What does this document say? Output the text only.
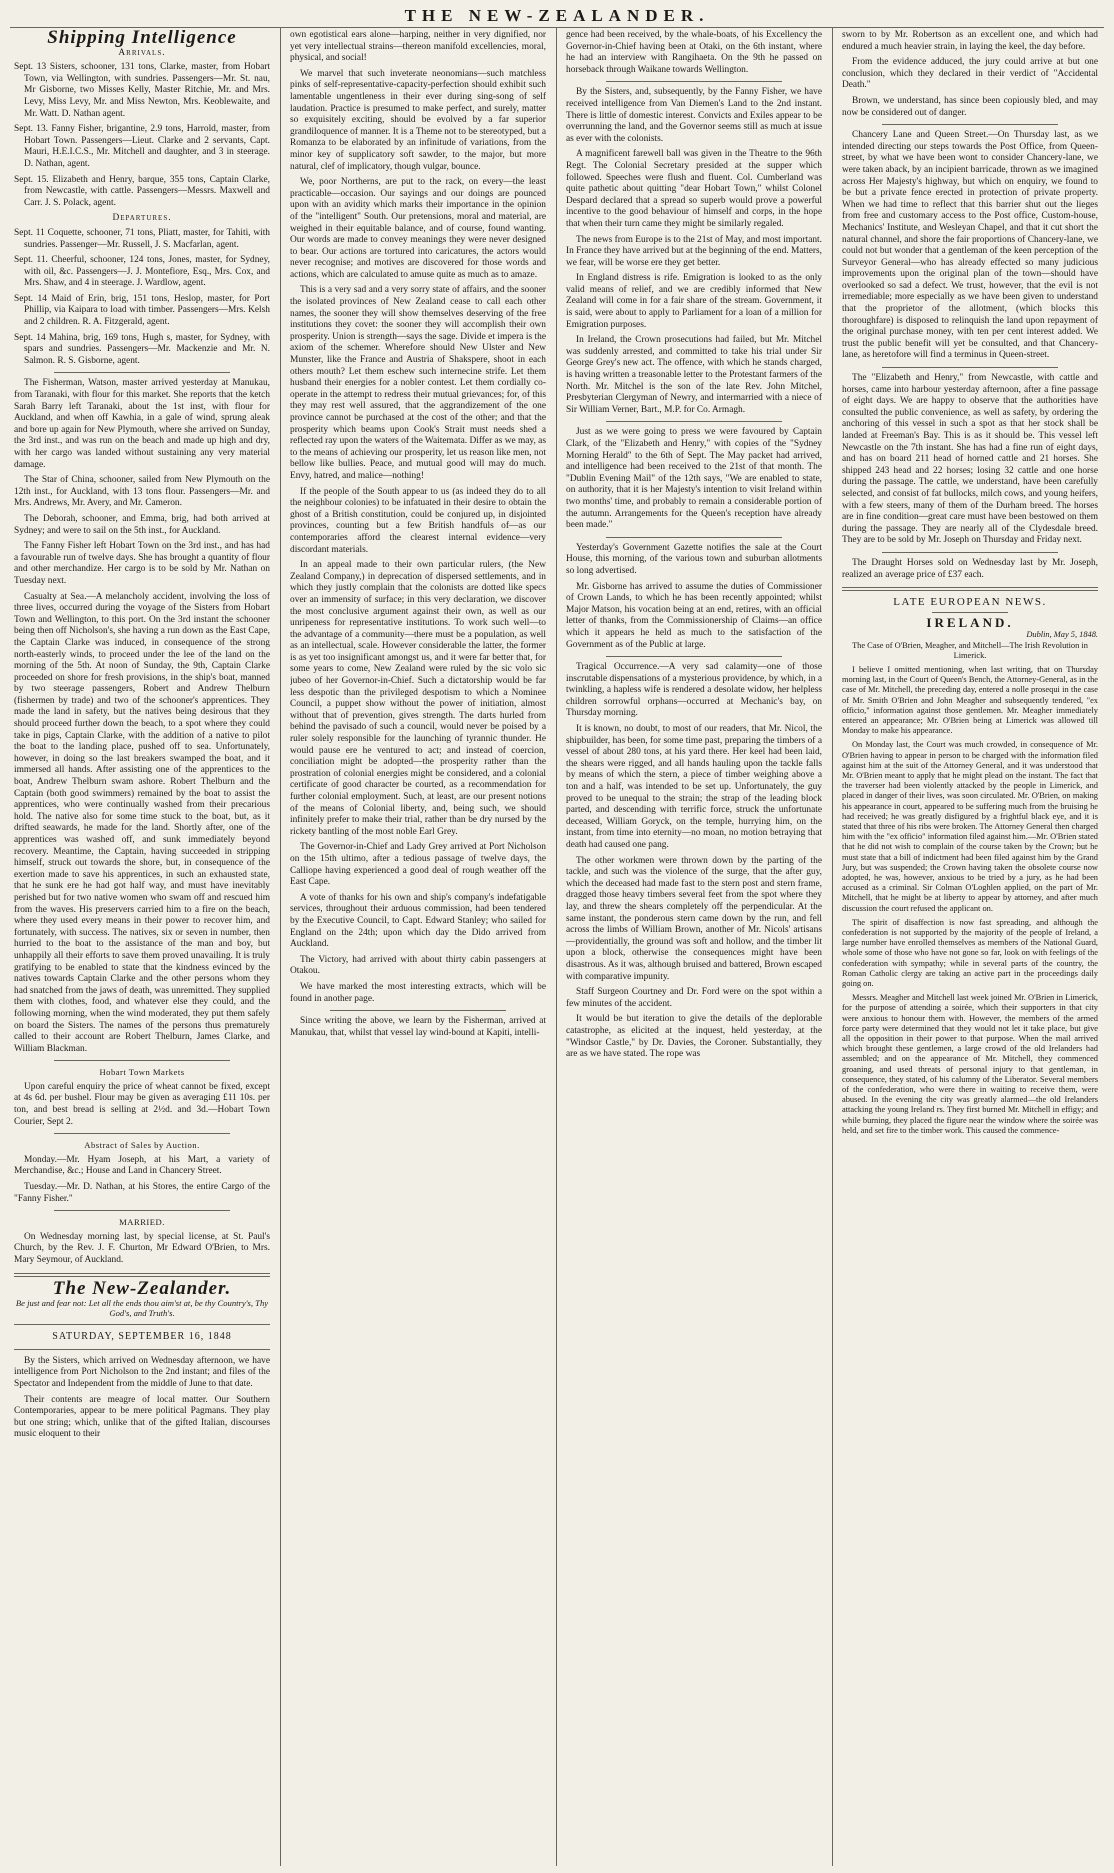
THE NEW-ZEALANDER.
Shipping Intelligence
Arrivals.

Sept. 13 Sisters, schooner, 131 tons, Clarke, master, from Hobart Town, via Wellington, with sundries. Passengers—Mr. St. nau, Mr Gisborne, two Misses Kelly, Master Ritchie, Mr. and Mrs. Levy, Miss Levy, Mr. and Miss Newton, Mrs. Keoblewaite, and Mr. Watt. D. Nathan agent.

Sept. 13. Fanny Fisher, brigantine, 2.9 tons, Harrold, master, from Hobart Town. Passengers—Lieut. Clarke and 2 servants, Capt. Mauri, H.E.I.C.S., Mr. Mitchell and daughter, and 3 in steerage. D. Nathan, agent.

Sept. 15. Elizabeth and Henry, barque, 355 tons, Captain Clarke, from Newcastle, with cattle. Passengers—Messrs. Maxwell and Carr. J. S. Polack, agent.

Departures.

Sept. 11 Coquette, schooner, 71 tons, Pliatt, master, for Tahiti, with sundries. Passenger—Mr. Russell, J. S. Macfarlan, agent.

Sept. 11. Cheerful, schooner, 124 tons, Jones, master, for Sydney, with oil, &c. Passengers—J. J. Montefiore, Esq., Mrs. Cox, and Mrs. Shaw, and 4 in steerage. J. Wardlow, agent.

Sept. 14 Maid of Erin, brig, 151 tons, Heslop, master, for Port Phillip, via Kaipara to load with timber. Passengers—Mrs. Kelsh and 2 children. R. A. Fitzgerald, agent.

Sept. 14 Mahina, brig, 169 tons, Hugh s, master, for Sydney, with spars and sundries. Passengers—Mr. Mackenzie and Mr. N. Salmon. R. S. Gisborne, agent.

The Fisherman, Watson, master arrived yesterday at Manukau, from Taranaki, with flour for this market. She reports that the ketch Sarah Barry left Taranaki, about the 1st inst, with flour for Auckland, and when off Kawhia, in a gale of wind, sprung aleak and bore up again for New Plymouth, where she arrived on Sunday, the 3rd inst., and was run on the beach and made up high and dry, with her cargo was landed without sustaining any very material damage.

The Star of China, schooner, sailed from New Plymouth on the 12th inst., for Auckland, with 13 tons flour. Passengers—Mr. and Mrs. Andrews, Mr. Avery, and Mr. Cameron.

The Deborah, schooner, and Emma, brig, had both arrived at Sydney; and were to sail on the 5th inst., for Auckland.

The Fanny Fisher left Hobart Town on the 3rd inst., and has had a favourable run of twelve days. She has brought a quantity of flour and other merchandize. Her cargo is to be sold by Mr. Nathan on Tuesday next.

Casualty at Sea.—A melancholy accident, involving the loss of three lives, occurred during the voyage of the Sisters from Hobart Town and Wellington, to this port. On the 3rd instant the schooner being then off Nicholson's, she having a run down as the East Cape, the Captain Clarke was induced, in consequence of the strong north-easterly winds, to proceed under the lee of the land on the morning of the 5th. At noon of Sunday, the 9th, Captain Clarke proceeded on shore for fresh provisions, in the ship's boat, manned by two steerage passengers, Robert and Andrew Thelburn (fishermen by trade) and two of the schooner's apprentices. They made the land in safety, but the natives being desirous that they should proceed further down the beach, to a spot where they could take in pigs, Captain Clarke, with the addition of a native to pilot the boat to the landing place, pushed off to sea. Unfortunately, however, in doing so the last breakers swamped the boat, and it immersed all hands. After assisting one of the apprentices to the boat, Andrew Thelburn swam ashore. Robert Thelburn and the Captain (both good swimmers) remained by the boat to assist the apprentices, who were continually washed from their precarious hold. The native also for some time stuck to the boat, but, as it drifted seawards, he made for the land. Shortly after, one of the apprentices was washed off, and sunk immediately beyond recovery. Meantime, the Captain, having succeeded in stripping himself, struck out towards the shore, but, in consequence of the exertion made to save his apprentices, in such an exhausted state, that he sunk ere he had got half way, and must have inevitably perished but for two native women who swam off and rescued him from the waves. His preservers carried him to a fire on the beach, where they used every means in their power to recover him, and fortunately, with success. The natives, six or seven in number, then hurried to the boat to the assistance of the man and boy, but unhappily all their efforts to save them proved unavailing. It is truly gratifying to be enabled to state that the kindness evinced by the natives towards Captain Clarke and the other persons whom they had snatched from the jaws of death, was unremitted. They supplied them with clothes, food, and whatever else they could, and the following morning, when the wind moderated, they put them safely on board the Sisters. The names of the persons thus prematurely called to their account are Robert Thelburn, James Clarke, and William Blackman.

Hobart Town Markets

Upon careful enquiry the price of wheat cannot be fixed, except at 4s 6d. per bushel. Flour may be given as averaging £11 10s. per ton, and best bread is selling at 2½d. and 3d.—Hobart Town Courier, Sept 2.

Abstract of Sales by Auction.

Monday.—Mr. Hyam Joseph, at his Mart, a variety of Merchandise, &c.; House and Land in Chancery Street.

Tuesday.—Mr. D. Nathan, at his Stores, the entire Cargo of the "Fanny Fisher."

MARRIED.

On Wednesday morning last, by special license, at St. Paul's Church, by the Rev. J. F. Churton, Mr Edward O'Brien, to Mrs. Mary Seymour, of Auckland.

The New-Zealander.
Be just and fear not: Let all the ends thou aim'st at, be thy Country's, Thy God's, and Truth's.
SATURDAY, SEPTEMBER 16, 1848

By the Sisters, which arrived on Wednesday afternoon, we have intelligence from Port Nicholson to the 2nd instant; and files of the Spectator and Independent from the middle of June to that date.

Their contents are meagre of local matter. Our Southern Contemporaries, appear to be mere political Pagmans. They play but one string; which, unlike that of the gifted Italian, discourses music eloquent to their

own egotistical ears alone—harping, neither in very dignified, nor yet very intellectual strains—thereon manifold excellencies, moral, physical, and social!

We marvel that such inveterate neonomians—such matchless pinks of self-representative-capacity-perfection should exhibit such lamentable ungentleness in their ever during sing-song of self laudation. Practice is presumed to make perfect, and surely, matter so exquisitely exciting, should be evolved by a far superior grandiloquence of manner. It is a Theme not to be stereotyped, but a Romanza to be elaborated by an infinitude of variations, from the minor key of supplicatory soft sawder, to the major, but more natural, clef of implicatory, though vulgar, bounce.

We, poor Northerns, are put to the rack, on every—the least practicable—occasion. Our sayings and our doings are pounced upon with an avidity which marks their importance in the opinion of the "intelligent" South. Our pretensions, moral and material, are weighed in their equitable balance, and of course, found wanting. Our words are made to convey meanings they were never designed to bear. Our actions are tortured into caricatures, the actors would never recognise; and motives are discovered for those words and actions, which are calculated to amuse quite as much as to amaze.

This is a very sad and a very sorry state of affairs, and the sooner the isolated provinces of New Zealand cease to call each other names, the sooner they will show themselves deserving of the free institutions they covet: the sooner they will accomplish their own prosperity. Union is strength—says the sage. Divide et impera is the axiom of the schemer. Wherefore should New Ulster and New Munster, like the France and Austria of Shakspere, shoot in each others mouth? Let them eschew such internecine strife. Let them husband their energies for a nobler contest. Let them cordially co-operate in the attempt to redress their mutual grievances; for, of this they may rest well assured, that the aggrandizement of the one province cannot be purchased at the cost of the other; and that the prosperity which beams upon Cook's Strait must needs shed a reflected ray upon the waters of the Waitemata. Differ as we may, as to the means of achieving our prosperity, let us reason like men, not bellow like bullies. Peace, and mutual good will may do much. Envy, hatred, and malice—nothing!

If the people of the South appear to us (as indeed they do to all the neighbour colonies) to be infatuated in their desire to obtain the ghost of a British constitution, could be conjured up, in disjointed provinces, counting but a few British handfuls of—as our contemporaries afford the clearest internal evidence—very discordant materials.

In an appeal made to their own particular rulers, (the New Zealand Company,) in deprecation of dispersed settlements, and in which they justly complain that the colonists are dotted like specs over an immensity of surface; in this very declaration, we discover the most conclusive argument against their own, as well as our unripeness for representative institutions. To work such well—to the advantage of a community—there must be a population, as well as an intellectual, scale. However considerable the latter, the former is as yet too insignificant amongst us, and it were far better that, for some years to come, New Zealand were ruled by the sic volo sic jubeo of her Governor-in-Chief. Such a dictatorship would be far less despotic than the privileged despotism to which a Nominee Council, a puppet show without the power of initiation, almost without that of prevention, gives strength. The darts hurled from behind the pavisado of such a council, would never be poised by a ruler solely responsible for the launching of tyrannic thunder. He would pause ere he ventured to act; and instead of coercion, conciliation might be adopted—the prosperity rather than the prostration of colonial energies might be considered, and a colonial certificate of good character be courted, as a recommendation for further colonial employment. Such, at least, are our present notions of the means of Colonial liberty, and, being such, we should infinitely prefer to make their trial, rather than be dry nursed by the rickety bantling of the most noble Earl Grey.

The Governor-in-Chief and Lady Grey arrived at Port Nicholson on the 15th ultimo, after a tedious passage of twelve days, the Calliope having experienced a good deal of rough weather off the East Cape.

A vote of thanks for his own and ship's company's indefatigable services, throughout their arduous commission, had been tendered by the Executive Council, to Capt. Edward Stanley; who sailed for England on the 24th; upon which day the Dido arrived from Auckland.

The Victory, had arrived with about thirty cabin passengers at Otakou.

We have marked the most interesting extracts, which will be found in another page.

Since writing the above, we learn by the Fisherman, arrived at Manukau, that, whilst that vessel lay wind-bound at Kapiti, intelli-

gence had been received, by the whale-boats, of his Excellency the Governor-in-Chief having been at Otaki, on the 6th instant, where he had an interview with Rangihaeta. On the 9th he passed on horseback through Waikane towards Wellington.

By the Sisters, and, subsequently, by the Fanny Fisher, we have received intelligence from Van Diemen's Land to the 2nd instant. There is little of domestic interest. Convicts and Exiles appear to be overrunning the land, and the Governor seems still as much at issue as ever with the colonists.

A magnificent farewell ball was given in the Theatre to the 96th Regt. The Colonial Secretary presided at the supper which followed. Speeches were flush and fluent. Col. Cumberland was quite pathetic about quitting "dear Hobart Town," whilst Colonel Despard declared that a spread so superb would prove a powerful incentive to the good behaviour of himself and corps, in the hope that when their turn came they might be similarly regaled.

The news from Europe is to the 21st of May, and most important. In France they have arrived but at the beginning of the end. Matters, we fear, will be worse ere they get better.

In England distress is rife. Emigration is looked to as the only valid means of relief, and we are credibly informed that New Zealand will come in for a fair share of the stream. Government, it is said, were about to apply to Parliament for a loan of a million for Emigration purposes.

In Ireland, the Crown prosecutions had failed, but Mr. Mitchel was suddenly arrested, and committed to take his trial under Sir George Grey's new act. The offence, with which he stands charged, is having written a treasonable letter to the Protestant farmers of the North. Mr. Mitchel is the son of the late Rev. John Mitchel, Presbyterian Clergyman of Newry, and intermarried with a niece of Sir William Verner, Bart., M.P. for Co. Armagh.

Just as we were going to press we were favoured by Captain Clark, of the "Elizabeth and Henry," with copies of the "Sydney Morning Herald" to the 6th of Sept. The May packet had arrived, and intelligence had been received to the 21st of that month. The "Dublin Evening Mail" of the 12th says, "We are enabled to state, on authority, that it is her Majesty's intention to visit Ireland within two months' time, and probably to remain a considerable portion of the autumn. Arrangements for the Queen's reception have already been made."

Yesterday's Government Gazette notifies the sale at the Court House, this morning, of the various town and suburban allotments so long advertised.

Mr. Gisborne has arrived to assume the duties of Commissioner of Crown Lands, to which he has been recently appointed; whilst Major Matson, his vocation being at an end, retires, with an official letter of thanks, from the Commissionership of Claims—an office which it appears he held as much to the satisfaction of the Government as of the Public at large.

Tragical Occurrence.—A very sad calamity—one of those inscrutable dispensations of a mysterious providence, by which, in a twinkling, a hapless wife is rendered a desolate widow, her helpless children sorrowful orphans—occurred at Mechanic's bay, on Thursday morning.

It is known, no doubt, to most of our readers, that Mr. Nicol, the shipbuilder, has been, for some time past, preparing the timbers of a vessel of about 280 tons, at his yard there. Her keel had been laid, the shears were rigged, and all hands hauling upon the tackle falls by means of which the stern, a piece of timber weighing above a ton and a half, was intended to be set up. Unfortunately, the guy proved to be unequal to the strain; the strap of the leading block parted, and descending with terrific force, struck the unfortunate deceased, William Goryck, on the temple, hurrying him, on the instant, from time into eternity—no moan, no motion betraying that death had caused one pang.

The other workmen were thrown down by the parting of the tackle, and such was the violence of the surge, that the after guy, which the deceased had made fast to the stern post and stern frame, dragged those heavy timbers several feet from the spot where they lay, and threw the shears completely off the perpendicular. At the same instant, the ponderous stern came down by the run, and fell across the limbs of William Brown, another of Mr. Nicols' artisans—providentially, the ground was soft and hollow, and the timber lit upon a block, otherwise the consequences might have been disastrous. As it was, although bruised and battered, Brown escaped with comparative impunity.

Staff Surgeon Courtney and Dr. Ford were on the spot within a few minutes of the accident.

It would be but iteration to give the details of the deplorable catastrophe, as elicited at the inquest, held yesterday, at the "Windsor Castle," by Dr. Davies, the Coroner. Substantially, they are as we have stated. The rope was

sworn to by Mr. Robertson as an excellent one, and which had endured a much heavier strain, in laying the keel, the day before.

From the evidence adduced, the jury could arrive at but one conclusion, which they declared in their verdict of "Accidental Death."

Brown, we understand, has since been copiously bled, and may now be considered out of danger.

Chancery Lane and Queen Street.—On Thursday last, as we intended directing our steps towards the Post Office, from Queen-street, by what we have been wont to consider Chancery-lane, we were taken aback, by an incipient barricade, thrown as we imagined across Her Majesty's highway, but which on enquiry, we found to be but a private fence erected in protection of private property. When we had time to reflect that this barrier shut out the lieges from free and customary access to the Post office, Custom-house, Mechanics' Institute, and Wesleyan Chapel, and that it cut short the natural channel, and shore the fair proportions of Chancery-lane, we could not but wonder that a gentleman of the keen perception of the Surveyor General—who has already effected so many judicious improvements upon the original plan of the town—should have overlooked so sad a defect. We trust, however, that the evil is not irremediable; more especially as we have been given to understand that the proprietor of the allotment, (which blocks this thoroughfare) is disposed to relinquish the land upon repayment of the original purchase money, with ten per cent interest added. We trust the public benefit will yet be consulted, and that Chancery-lane, as heretofore will find a terminus in Queen-street.

The "Elizabeth and Henry," from Newcastle, with cattle and horses, came into harbour yesterday afternoon, after a fine passage of eight days. We are happy to observe that the authorities have consulted the public convenience, as well as safety, by ordering the anchoring of this vessel in such a spot as that her stock shall be landed at Freeman's Bay. This is as it should be. This vessel left Newcastle on the 7th instant. She has had a fine run of eight days, and has on board 211 head of horned cattle and 21 horses. She shipped 243 head and 22 horses; losing 32 cattle and one horse during the passage. The cattle, we understand, have been carefully selected, and consist of fat bullocks, milch cows, and young heifers, with a few steers, many of them of the Durham breed. The horses are in fine condition—great care must have been bestowed on them during the passage. They are nearly all of the Clydesdale breed. They are to be sold by Mr. Joseph on Thursday and Friday next.

The Draught Horses sold on Wednesday last by Mr. Joseph, realized an average price of £37 each.

LATE EUROPEAN NEWS.
IRELAND.
Dublin, May 5, 1848.

The Case of O'Brien, Meagher, and Mitchell—The Irish Revolution in Limerick.

I believe I omitted mentioning, when last writing, that on Thursday morning last, in the Court of Queen's Bench, the Attorney-General, as in the case of Mr. Mitchell, the preceding day, entered a nolle prosequi in the case of Mr. Smith O'Brien and John Meagher and subsequently tendered, "ex officio," information against those gentlemen. Mr. Meagher immediately entered an appearance; Mr. O'Brien being at Limerick was allowed till Monday to make his appearance.

On Monday last, the Court was much crowded, in consequence of Mr. O'Brien having to appear in person to be charged with the information filed against him at the suit of the Attorney General, and it was understood that Mr. O'Brien meant to apply that he might plead on the instant. The fact that the traverser had been violently attacked by the people in Limerick, and placed in danger of their lives, was soon circulated. Mr. O'Brien, on making his appearance in court, appeared to be suffering much from the bruising he had received; he was greatly disfigured by a frightful black eye, and it is stated that three of his ribs were broken. The Attorney General then charged him with the "ex officio" information filed against him.—Mr. O'Brien stated that he did not wish to complain of the course taken by the Crown; but he must state that a bill of indictment had been filed against him by the Grand Jury, but was suspended; the Crown having taken the obsolete course now adopted, he was, however, anxious to be tried by a jury, as he had been accused as a criminal. Sir Colman O'Loghlen applied, on the part of Mr. Mitchell, that he might be at liberty to appear by attorney, and after much discussion the court refused the applicant on.

The spirit of disaffection is now fast spreading, and although the confederation is not supported by the majority of the people of Ireland, a large number have enrolled themselves as members of the National Guard, whole some of those who have not gone so far, look on with feelings of the confederation with sympathy; while in several parts of the country, the Roman Catholic clergy are taking an active part in the proceedings daily going on.

Messrs. Meagher and Mitchell last week joined Mr. O'Brien in Limerick, for the purpose of attending a soirée, which their supporters in that city were anxious to honour them with. However, the members of the armed force party were determined that they would not let it take place, but give all the opposition in their power to that purpose. When the mail arrived which brought these gentlemen, a large crowd of the old Irelanders had assembled; and on the appearance of Mr. Mitchell, they commenced groaning, and used threats of personal injury to that gentleman, in consequence, they stated, of his calumny of the Liberator. Several members of the confederation, who were there in waiting to receive them, were abused. In the evening the city was greatly alarmed—the old Irelanders attacking the young Ireland rs. They first burned Mr. Mitchell in effigy; and while burning, they placed the figure near the window where the soirée was held, and set fire to the timber work. This caused the commence-
